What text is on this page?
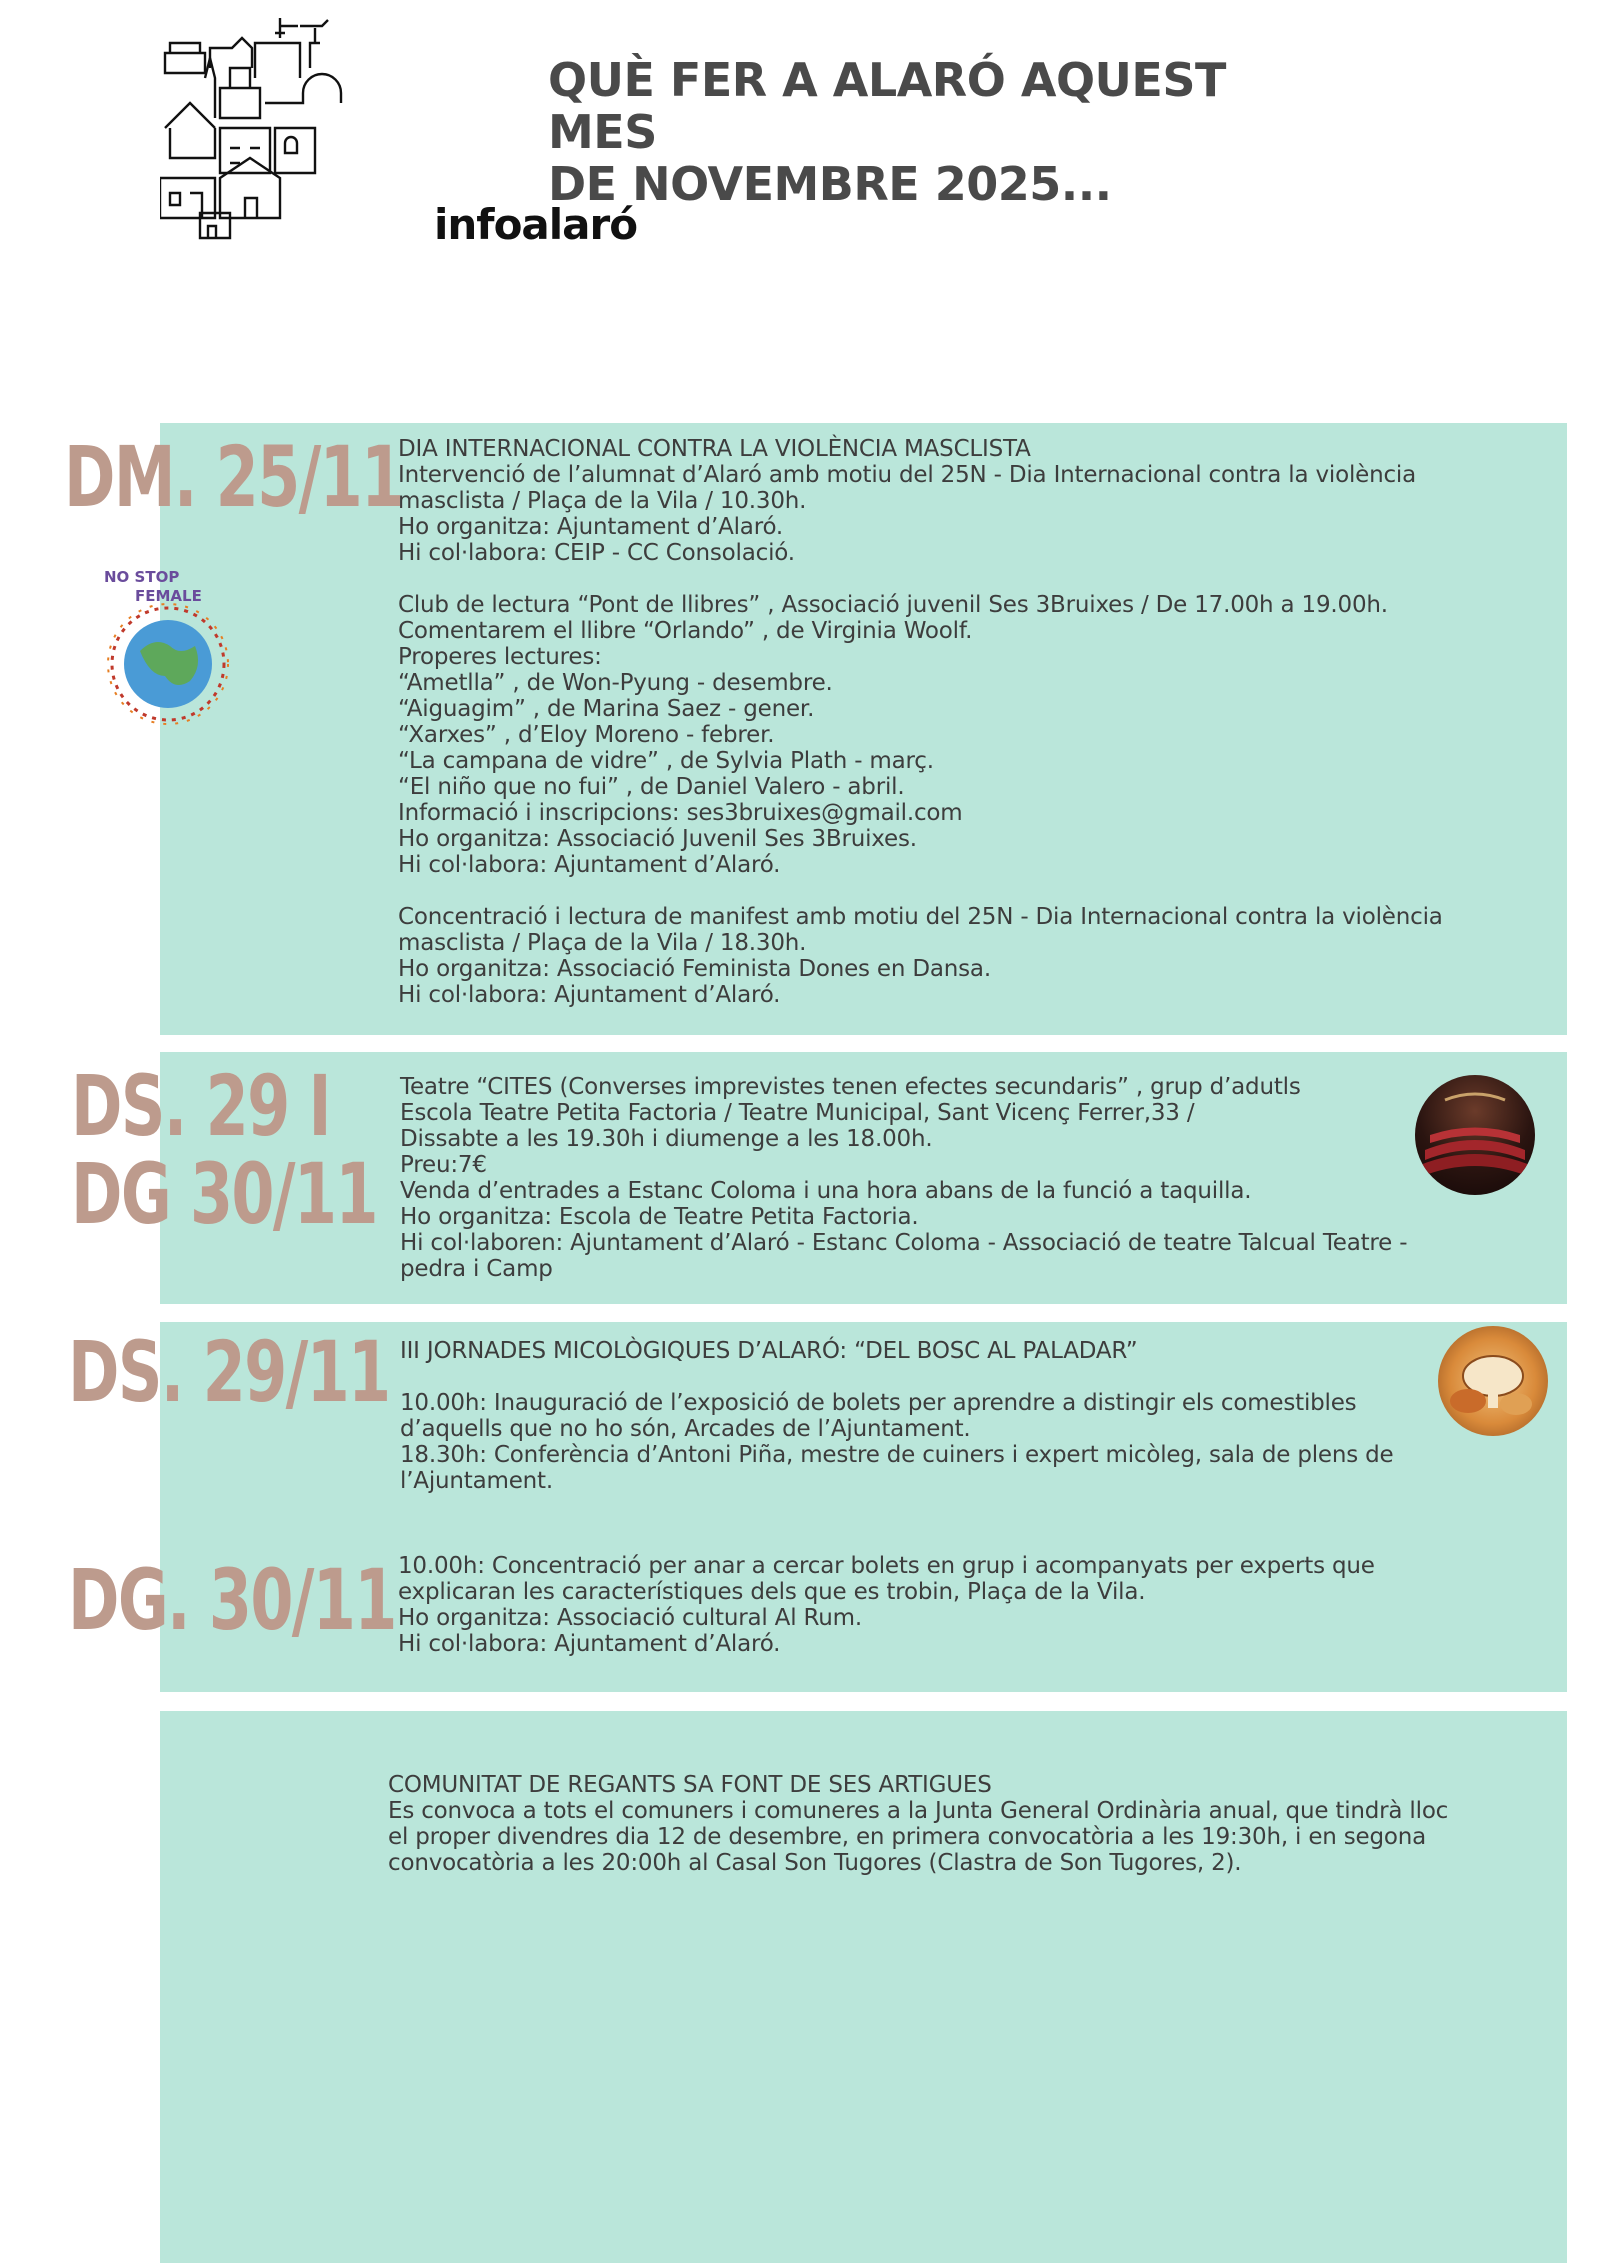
infoalaró

QUÈ FER A ALARÓ AQUEST MES
DE NOVEMBRE 2025...

DM. 25/11

NO STOP
FEMALE

DIA INTERNACIONAL CONTRA LA VIOLÈNCIA MASCLISTA

Intervenció de l’alumnat d’Alaró amb motiu del 25N - Dia Internacional contra la violència

masclista / Plaça de la Vila / 10.30h.

Ho organitza: Ajuntament d’Alaró.

Hi col·labora: CEIP - CC Consolació.

Club de lectura “Pont de llibres” , Associació juvenil Ses 3Bruixes / De 17.00h a 19.00h.

Comentarem el llibre “Orlando” , de Virginia Woolf.

Properes lectures:

“Ametlla” , de Won-Pyung - desembre.

“Aiguagim” , de Marina Saez - gener.

“Xarxes” , d’Eloy Moreno - febrer.

“La campana de vidre” , de Sylvia Plath - març.

“El niño que no fui” , de Daniel Valero - abril.

Informació i inscripcions: ses3bruixes@gmail.com

Ho organitza: Associació Juvenil Ses 3Bruixes.

Hi col·labora: Ajuntament d’Alaró.

Concentració i lectura de manifest amb motiu del 25N - Dia Internacional contra la violència

masclista / Plaça de la Vila / 18.30h.

Ho organitza: Associació Feminista Dones en Dansa.

Hi col·labora: Ajuntament d’Alaró.

DS. 29 I
DG 30/11

Teatre “CITES (Converses imprevistes tenen efectes secundaris” , grup d’adutls

Escola Teatre Petita Factoria / Teatre Municipal, Sant Vicenç Ferrer,33 /

Dissabte a les 19.30h i diumenge a les 18.00h.

Preu:7€

Venda d’entrades a Estanc Coloma i una hora abans de la funció a taquilla.

Ho organitza: Escola de Teatre Petita Factoria.

Hi col·laboren: Ajuntament d’Alaró - Estanc Coloma - Associació de teatre Talcual Teatre -

pedra i Camp

DS. 29/11 III JORNADES MICOLÒGIQUES D’ALARÓ: “DEL BOSC AL PALADAR”

10.00h: Inauguració de l’exposició de bolets per aprendre a distingir els comestibles

d’aquells que no ho són, Arcades de l’Ajuntament.

18.30h: Conferència d’Antoni Piña, mestre de cuiners i expert micòleg, sala de plens de

l’Ajuntament.

DG. 30/11 10.00h: Concentració per anar a cercar bolets en grup i acompanyats per experts que

explicaran les característiques dels que es trobin, Plaça de la Vila.

Ho organitza: Associació cultural Al Rum.

Hi col·labora: Ajuntament d’Alaró.

COMUNITAT DE REGANTS SA FONT DE SES ARTIGUES

Es convoca a tots el comuners i comuneres a la Junta General Ordinària anual, que tindrà lloc

el proper divendres dia 12 de desembre, en primera convocatòria a les 19:30h, i en segona

convocatòria a les 20:00h al Casal Son Tugores (Clastra de Son Tugores, 2).
